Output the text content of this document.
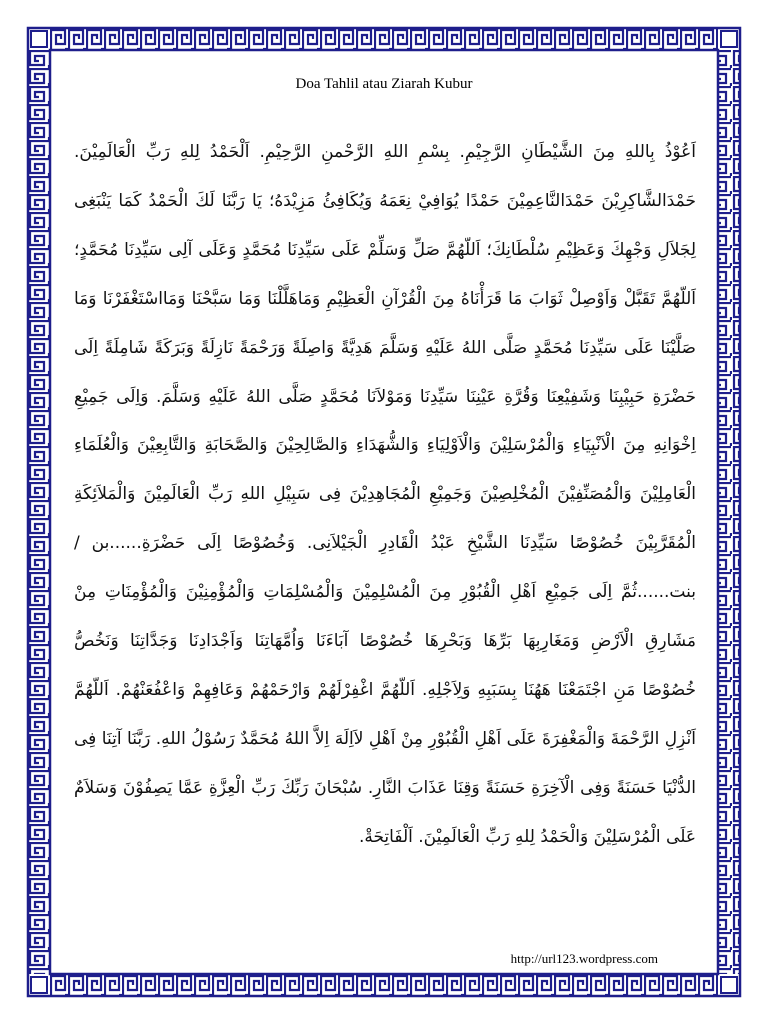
Doa Tahlil atau Ziarah Kubur

اَعُوْذُ بِاللهِ مِنَ الشَّيْطَانِ الرَّجِيْمِ. بِسْمِ اللهِ الرَّحْمنِ الرَّحِيْمِ. اَلْحَمْدُ لِلهِ رَبِّ الْعَالَمِيْنَ. حَمْدَالشَّاكِرِيْنَ حَمْدَالنَّاعِمِيْنَ حَمْدًا يُوَافِيْ نِعَمَهُ وَيُكَافِئُ مَزِيْدَهُ؛ يَا رَبَّنَا لَكَ الْحَمْدُ كَمَا يَنْبَغِى لِجَلاَلِ وَجْهِكَ وَعَظِيْمِ سُلْطَانِكَ؛ اَللّهُمَّ صَلِّ وَسَلِّمْ عَلَى سَيِّدِنَا مُحَمَّدٍ وَعَلَى آلِى سَيِّدِنَا مُحَمَّدٍ؛ اَللّهُمَّ تَقَبَّلْ وَاَوْصِلْ ثَوَابَ مَا قَرَأْنَاهُ مِنَ الْقُرْآنِ الْعَظِيْمِ وَمَاهَلَّلْنَا وَمَا سَبَّحْنَا وَمَااسْتَغْفَرْنَا وَمَا صَلَّيْنَا عَلَى سَيِّدِنَا مُحَمَّدٍ صَلَّى اللهُ عَلَيْهِ وَسَلَّمَ هَدِيَّةً وَاصِلَةً وَرَحْمَةً نَازِلَةً وَبَرَكَةً شَامِلَةً اِلَى حَضْرَةِ حَبِيْبِنَا وَشَفِيْعِنَا وَقُرَّةِ عَيْنِنَا سَيِّدِنَا وَمَوْلاَنَا مُحَمَّدٍ صَلَّى اللهُ عَلَيْهِ وَسَلَّمَ. وَاِلَى جَمِيْعِ اِخْوَانِهِ مِنَ الْاَنْبِيَاءِ وَالْمُرْسَلِيْنَ وَالْاَوْلِيَاءِ وَالشُّهَدَاءِ وَالصَّالِحِيْنَ وَالصَّحَابَةِ وَالتَّابِعِيْنَ وَالْعُلَمَاءِ الْعَامِلِيْنَ وَالْمُصَنِّفِيْنَ الْمُخْلِصِيْنَ وَجَمِيْعِ الْمُجَاهِدِيْنَ فِى سَبِيْلِ اللهِ رَبِّ الْعَالَمِيْنَ وَالْمَلاَئِكَةِ الْمُقَرَّبِيْنَ خُصُوْصًا سَيِّدِنَا الشَّيْخِ عَبْدُ الْقَادِرِ الْجَيْلاَنِى. وَخُصُوْصًا اِلَى حَضْرَةِ......بن / بنت......ثُمَّ اِلَى جَمِيْعِ اَهْلِ الْقُبُوْرِ مِنَ الْمُسْلِمِيْنَ وَالْمُسْلِمَاتِ وَالْمُؤْمِنِيْنَ وَالْمُؤْمِنَاتِ مِنْ مَشَارِقِ الْاَرْضِ وَمَغَارِبِهَا بَرِّهَا وَبَحْرِهَا خُصُوْصًا آبَاءَنَا وَاُمَّهَاتِنَا وَاَجْدَادِنَا وَجَدَّاتِنَا وَنَخُصُّ خُصُوْصًا مَنِ اجْتَمَعْنَا هَهُنَا بِسَبَبِهِ وَلِاَجْلِهِ. اَللّهُمَّ اغْفِرْلَهُمْ وَارْحَمْهُمْ وَعَافِهِمْ وَاعْفُعَنْهُمْ. اَللّهُمَّ اَنْزِلِ الرَّحْمَةَ وَالْمَغْفِرَةَ عَلَى اَهْلِ الْقُبُوْرِ مِنْ اَهْلِ لاَاِلَهَ اِلاَّ اللهُ مُحَمَّدٌ رَسُوْلُ اللهِ. رَبَّنَا آتِنَا فِى الدُّنْيَا حَسَنَةً وَفِى الْآخِرَةِ حَسَنَةً وَقِنَا عَذَابَ النَّارِ. سُبْحَانَ رَبِّكَ رَبِّ الْعِزَّةِ عَمَّا يَصِفُوْنَ وَسَلاَمٌ عَلَى الْمُرْسَلِيْنَ وَالْحَمْدُ لِلهِ رَبِّ الْعَالَمِيْنَ. اَلْفَاتِحَةْ.

http://url123.wordpress.com
